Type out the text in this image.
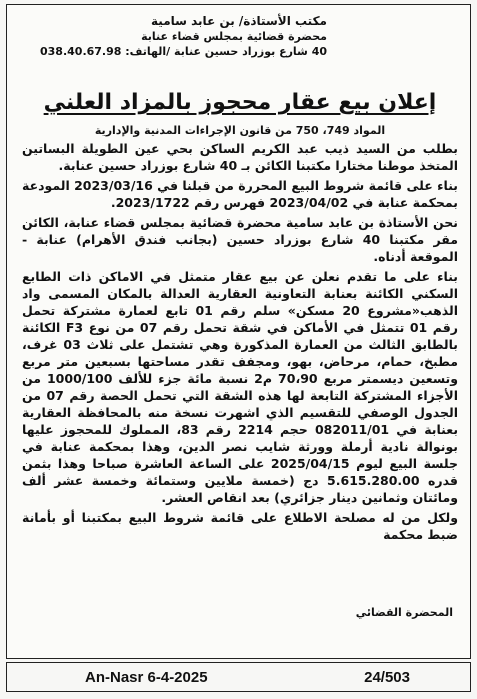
مكتب الأستاذة/ بن عابد سامية
محضرة قضائية بمجلس قضاء عنابة
40 شارع بوزراد حسين عنابة /الهاتف: 038.40.67.98
إعلان بيع عقار محجوز بالمزاد العلني
المواد 749، 750 من قانون الإجراءات المدنية والإدارية

بطلب من السيد ذيب عبد الكريم الساكن بحي عين الطويلة البساتين المتخذ موطنا مختارا مكتبنا الكائن بـ 40 شارع بوزراد حسين عنابة.

بناء على قائمة شروط البيع المحررة من قبلنا في 2023/03/16 المودعة بمحكمة عنابة في 2023/04/02 فهرس رقم 2023/1722.

نحن الأستاذة بن عابد سامية محضرة قضائية بمجلس قضاء عنابة، الكائن مقر مكتبنا 40 شارع بوزراد حسين (بجانب فندق الأهرام) عنابة - الموقعة أدناه.

بناء على ما تقدم نعلن عن بيع عقار متمثل في الاماكن ذات الطابع السكني الكائنة بعنابة التعاونية العقارية العدالة بالمكان المسمى واد الذهب«مشروع 20 مسكن» سلم رقم 01 تابع لعمارة مشتركة تحمل رقم 01 تتمثل في الأماكن في شقة تحمل رقم 07 من نوع F3 الكائنة بالطابق الثالث من العمارة المذكورة وهي تشتمل على ثلاث 03 غرف، مطبخ، حمام، مرحاض، بهو، ومجفف تقدر مساحتها بسبعين متر مربع وتسعين ديسمتر مربع 70،90 م2 نسبة مائة جزء للألف 1000/100 من الأجزاء المشتركة التابعة لها هذه الشقة التي تحمل الحصة رقم 07 من الجدول الوصفي للتقسيم الذي اشهرت نسخة منه بالمحافظة العقارية بعنابة في 082011/01 حجم 2214 رقم 83، المملوك للمحجوز عليها بونوالة نادية أرملة وورثة شايب نصر الدين، وهذا بمحكمة عنابة في جلسة البيع ليوم 2025/04/15 على الساعة العاشرة صباحا وهذا بثمن قدره 5.615.280.00 دج (خمسة ملايين وستمائة وخمسة عشر ألف ومائتان وثمانين دينار جزائري) بعد انقاص العشر.

ولكل من له مصلحة الاطلاع على قائمة شروط البيع بمكتبنا أو بأمانة ضبط محكمة

المحضرة القضائي
An-Nasr 6-4-2025	24/503
